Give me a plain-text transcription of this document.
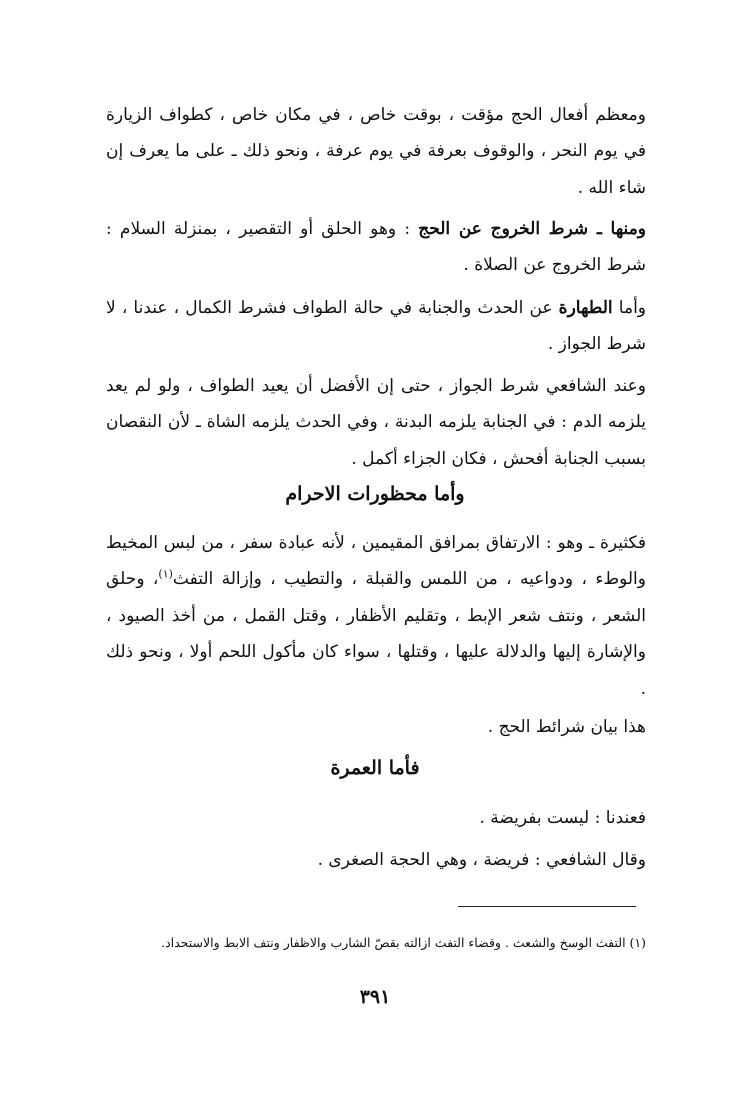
ومعظم أفعال الحج مؤقت ، بوقت خاص ، في مكان خاص ، كطواف الزيارة في يوم النحر ، والوقوف بعرفة في يوم عرفة ، ونحو ذلك ـ على ما يعرف إن شاء الله .

ومنها ـ شرط الخروج عن الحج : وهو الحلق أو التقصير ، بمنزلة السلام : شرط الخروج عن الصلاة .

وأما الطهارة عن الحدث والجنابة في حالة الطواف فشرط الكمال ، عندنا ، لا شرط الجواز .

وعند الشافعي شرط الجواز ، حتى إن الأفضل أن يعيد الطواف ، ولو لم يعد يلزمه الدم : في الجنابة يلزمه البدنة ، وفي الحدث يلزمه الشاة ـ لأن النقصان بسبب الجنابة أفحش ، فكان الجزاء أكمل .

وأما محظورات الاحرام

فكثيرة ـ وهو : الارتفاق بمرافق المقيمين ، لأنه عبادة سفر ، من لبس المخيط والوطء ، ودواعيه ، من اللمس والقبلة ، والتطيب ، وإزالة التفث$^{(١)}$، وحلق الشعر ، ونتف شعر الإبط ، وتقليم الأظفار ، وقتل القمل ، من أخذ الصيود ، والإشارة إليها والدلالة عليها ، وقتلها ، سواء كان مأكول اللحم أولا ، ونحو ذلك .

هذا بيان شرائط الحج .

فأما العمرة

فعندنا : ليست بفريضة .

وقال الشافعي : فريضة ، وهي الحجة الصغرى .

(١) التفث الوسخ والشعث . وقضاء التفث ازالته بقصّ الشارب والاظفار ونتف الابط والاستحداد.
٣٩١
